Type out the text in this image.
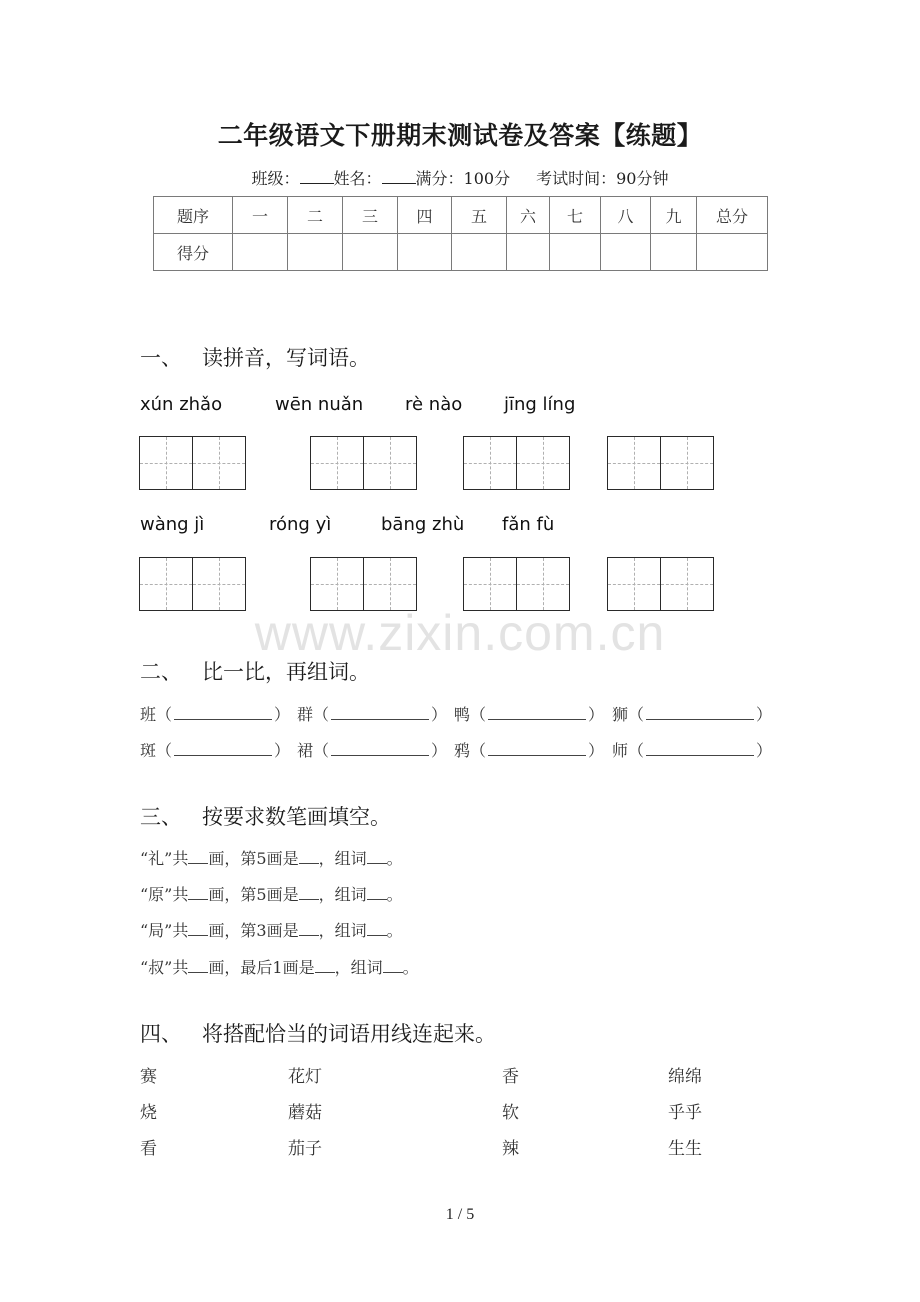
二年级语文下册期末测试卷及答案【练题】
班级： 姓名： 满分：100分 考试时间：90分钟
题序	一	二	三	四	五	六	七	八	九	总分
得分										
一、 读拼音，写词语。
xún zhǎo	wēn nuǎn rè nào jīng líng
wàng jì	róng yì	bāng zhù fǎn fù
www.zixin.com.cn
二、 比一比，再组词。
班（	） 群（	） 鸭（	） 狮（	）
斑（	） 裙（	） 鸦（	） 师（	）
三、 按要求数笔画填空。
“礼”共 画，第5画是 ，组词 。
“原”共 画，第5画是 ，组词 。
“局”共 画，第3画是 ，组词 。
“叔”共 画，最后1画是 ，组词 。
四、 将搭配恰当的词语用线连起来。
赛	花灯	香	绵绵
烧	蘑菇	软	乎乎
看	茄子	辣	生生
1 / 5
